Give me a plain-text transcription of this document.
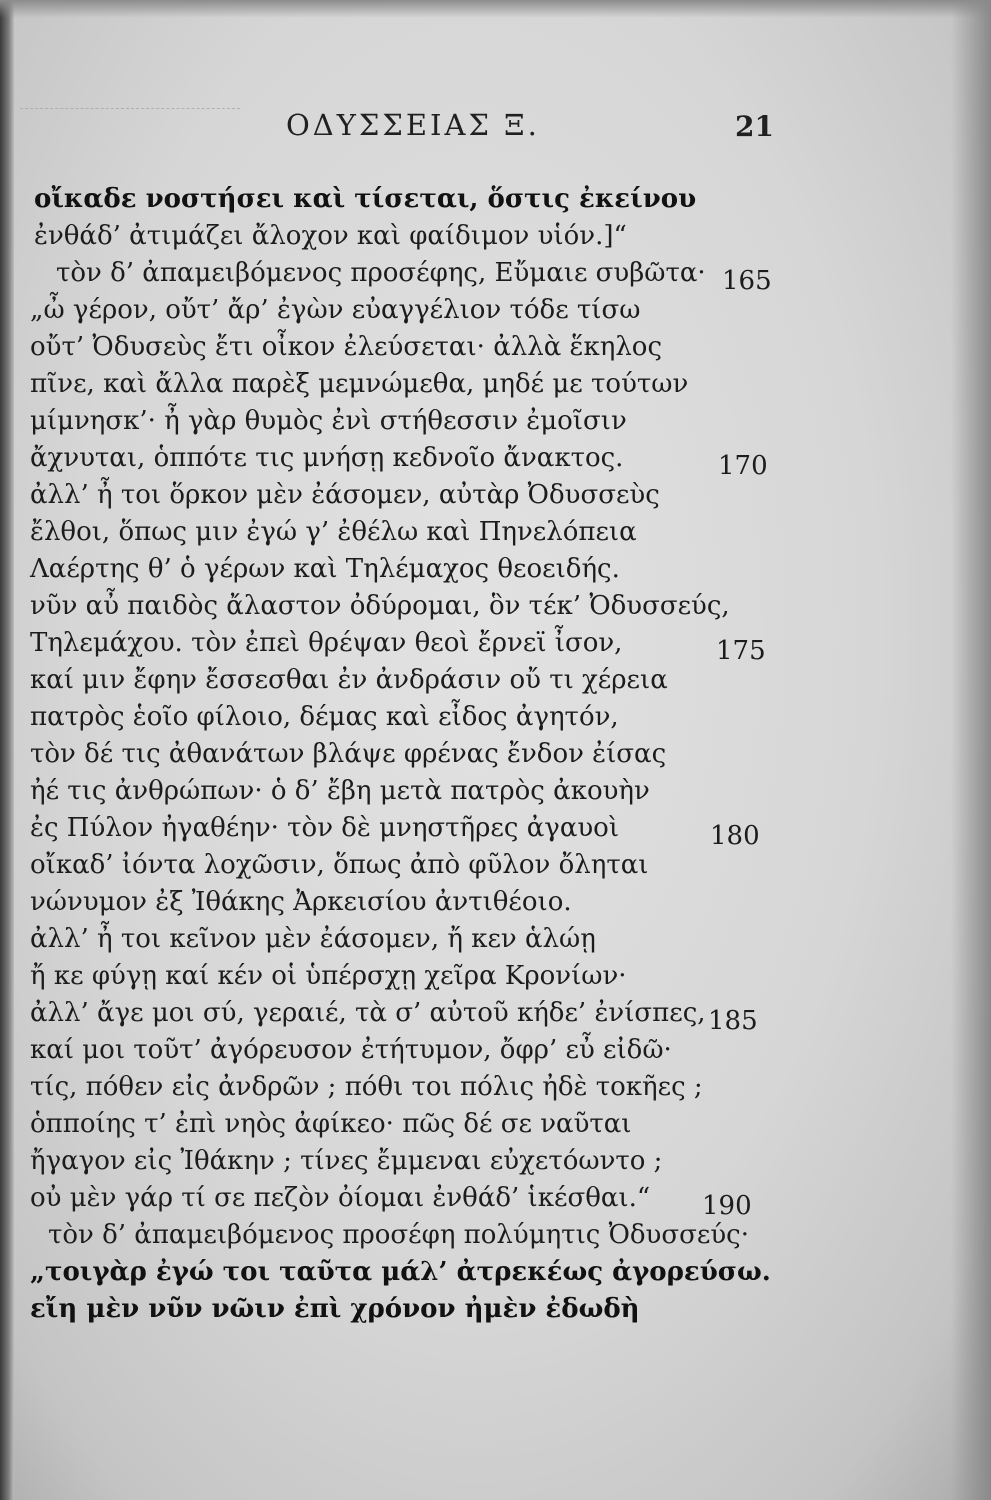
ΟΔΥΣΣΕΙΑΣ Ξ.	21
οἴκαδε νοστήσει καὶ τίσεται, ὅστις ἐκείνου
ἐνθάδ’ ἀτιμάζει ἄλοχον καὶ φαίδιμον υἱόν.]“
τὸν δ’ ἀπαμειβόμενος προσέφης, Εὔμαιε συβῶτα·
„ὦ γέρον, οὔτ’ ἄρ’ ἐγὼν εὐαγγέλιον τόδε τίσω
οὔτ’ Ὀδυσεὺς ἔτι οἶκον ἐλεύσεται· ἀλλὰ ἕκηλος
πῖνε, καὶ ἄλλα παρὲξ μεμνώμεθα, μηδέ με τούτων
μίμνησκ’· ἦ γὰρ θυμὸς ἐνὶ στήθεσσιν ἐμοῖσιν
ἄχνυται, ὁππότε τις μνήσῃ κεδνοῖο ἄνακτος.
ἀλλ’ ἦ τοι ὅρκον μὲν ἐάσομεν, αὐτὰρ Ὀδυσσεὺς
ἔλθοι, ὅπως μιν ἐγώ γ’ ἐθέλω καὶ Πηνελόπεια
Λαέρτης θ’ ὁ γέρων καὶ Τηλέμαχος θεοειδής.
νῦν αὖ παιδὸς ἄλαστον ὀδύρομαι, ὃν τέκ’ Ὀδυσσεύς,
Τηλεμάχου. τὸν ἐπεὶ θρέψαν θεοὶ ἔρνεϊ ἶσον,
καί μιν ἔφην ἔσσεσθαι ἐν ἀνδράσιν οὔ τι χέρεια
πατρὸς ἑοῖο φίλοιο, δέμας καὶ εἶδος ἀγητόν,
τὸν δέ τις ἀθανάτων βλάψε φρένας ἔνδον ἐίσας
ἠέ τις ἀνθρώπων· ὁ δ’ ἔβη μετὰ πατρὸς ἀκουὴν
ἐς Πύλον ἠγαθέην· τὸν δὲ μνηστῆρες ἀγαυοὶ
οἴκαδ’ ἰόντα λοχῶσιν, ὅπως ἀπὸ φῦλον ὄληται
νώνυμον ἐξ Ἰθάκης Ἀρκεισίου ἀντιθέοιο.
ἀλλ’ ἦ τοι κεῖνον μὲν ἐάσομεν, ἤ κεν ἁλώῃ
ἤ κε φύγῃ καί κέν οἱ ὑπέρσχῃ χεῖρα Κρονίων·
ἀλλ’ ἄγε μοι σύ, γεραιέ, τὰ σ’ αὐτοῦ κήδε’ ἐνίσπες,
καί μοι τοῦτ’ ἀγόρευσον ἐτήτυμον, ὄφρ’ εὖ εἰδῶ·
τίς, πόθεν εἰς ἀνδρῶν ; πόθι τοι πόλις ἠδὲ τοκῆες ;
ὁπποίης τ’ ἐπὶ νηὸς ἀφίκεο· πῶς δέ σε ναῦται
ἤγαγον εἰς Ἰθάκην ; τίνες ἔμμεναι εὐχετόωντο ;
οὐ μὲν γάρ τί σε πεζὸν ὀίομαι ἐνθάδ’ ἱκέσθαι.“
τὸν δ’ ἀπαμειβόμενος προσέφη πολύμητις Ὀδυσσεύς·
„τοιγὰρ ἐγώ τοι ταῦτα μάλ’ ἀτρεκέως ἀγορεύσω.
εἴη μὲν νῦν νῶιν ἐπὶ χρόνον ἠμὲν ἐδωδὴ
165
170
175
180
185
190
